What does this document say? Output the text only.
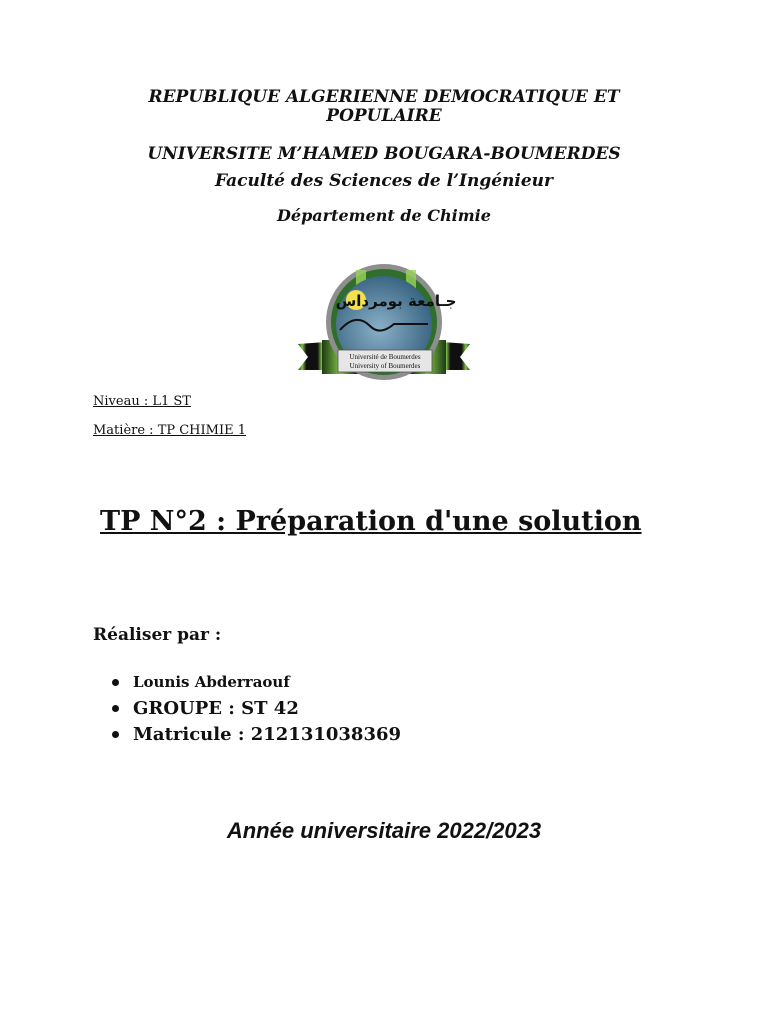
REPUBLIQUE ALGERIENNE DEMOCRATIQUE ET POPULAIRE
UNIVERSITE M’HAMED BOUGARA-BOUMERDES
Faculté des Sciences de l’Ingénieur
Département de Chimie
جـامعة بومرداس
Université de Boumerdes
University of Boumerdes
Niveau : L1 ST
Matière : TP CHIMIE 1
TP N°2 : Préparation d'une solution
Réaliser par :
Lounis Abderraouf
GROUPE : ST 42
Matricule : 212131038369
Année universitaire 2022/2023
